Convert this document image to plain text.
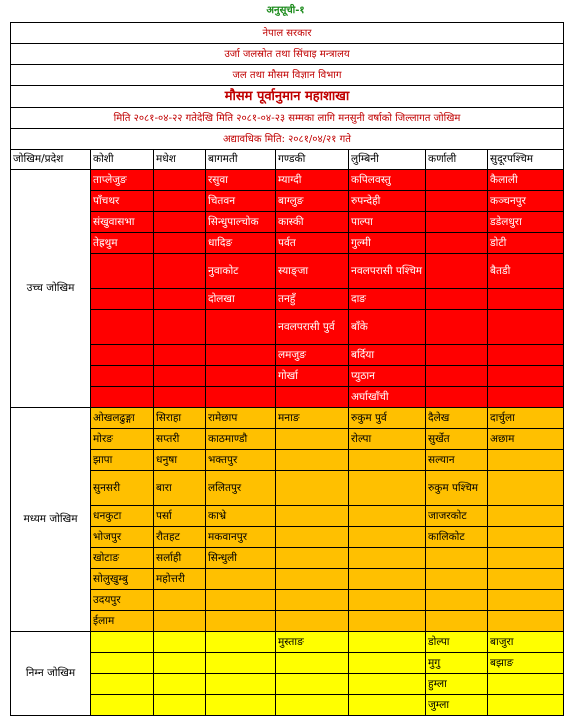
अनुसूची-१
नेपाल सरकार							
उर्जा जलस्रोत तथा सिंचाइ मन्त्रालय							
जल तथा मौसम विज्ञान विभाग							
मौसम पूर्वानुमान महाशाखा							
मिति २०८१-०४-२२ गतेदेखि मिति २०८१-०४-२३ सम्मका लागि मनसुनी वर्षाको जिल्लागत जोखिम							
अद्यावधिक मिति: २०८१/०४/२१ गते							
जोखिम/प्रदेश	कोशी	मधेश	बागमती	गण्डकी	लुम्बिनी	कर्णाली	सुदूरपश्चिम
उच्च जोखिम	ताप्लेजुङ		रसुवा	म्याग्दी	कपिलवस्तु		कैलाली
	पाँचथर		चितवन	बाग्लुङ	रुपन्देही		कञ्चनपुर
	संखुवासभा		सिन्धुपाल्चोक	कास्की	पाल्पा		डडेलधुरा
	तेह्रथुम		धादिङ	पर्वत	गुल्मी		डोटी
			नुवाकोट	स्याङ्जा	नवलपरासी पश्चिम		बैतडी
			दोलखा	तनहुँ	दाङ		
				नवलपरासी पुर्व	बाँके		
				लमजुङ	बर्दिया		
				गोर्खा	प्युठान		
					अर्घाखाँची		
मध्यम जोखिम	ओखलढुङ्गा	सिराहा	रामेछाप	मनाङ	रुकुम पुर्व	दैलेख	दार्चुला
	मोरङ	सप्तरी	काठमाण्डौ		रोल्पा	सुर्खेत	अछाम
	झापा	धनुषा	भक्तपुर			सल्यान	
	सुनसरी	बारा	ललितपुर			रुकुम पश्चिम	
	धनकुटा	पर्सा	काभ्रे			जाजरकोट	
	भोजपुर	रौतहट	मकवानपुर			कालिकोट	
	खोटाङ	सर्लाही	सिन्धुली				
	सोलुखुम्बु	महोत्तरी					
	उदयपुर						
	ईलाम						
निम्न जोखिम				मुस्ताङ		डोल्पा	बाजुरा
						मुगु	बझाङ
						हुम्ला	
						जुम्ला	
